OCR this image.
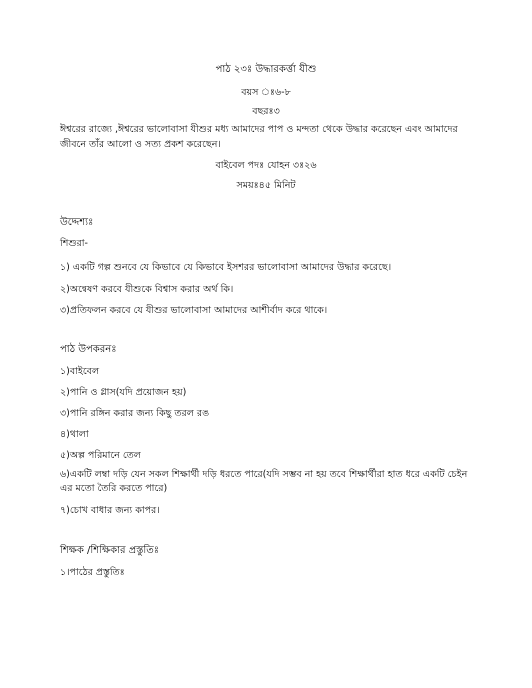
পাঠ ২৩ঃ উদ্ধারকর্ত্তা যীশু

বয়স ঃ৬-৮

বছরঃ৩

ঈশ্বরের রাজ্যে ,ঈশ্বরের ভালোবাসা যীশুর মধ্য আমাদের পাপ ও মন্দতা থেকে উদ্ধার করেছেন এবং আমাদের জীবনে তাঁর আলো ও সত্য প্রকশ করেছেন।

বাইবেল পদঃ যোহন ৩ঃ২৬

সময়ঃ৪৫ মিনিট

উদ্দেশ্যঃ

শিশুরা-

১) একটি গল্প শুনবে যে কিভাবে যে কিভাবে ইসশরর ভালোবাসা আমাদের উদ্ধার করেছে।

২)অন্বেষণ করবে যীশুকে বিশ্বাস করার অর্থ কি।

৩)প্রতিফলন করবে যে যীশুর ভালোবাসা আমাদের আশীর্বাদ করে থাকে।

পাঠ উপকরনঃ

১)বাইবেল

২)পানি ও গ্লাস(যদি প্রয়োজন হয়)

৩)পানি রঙ্গিন করার জন্য কিছু তরল রঙ

৪)থালা

৫)অল্প পরিমানে তেল

৬)একটি লম্বা দড়ি যেন সকল শিক্ষার্থী দড়ি ধরতে পারে(যদি সম্ভব না হয় তবে শিক্ষার্থীরা হাত ধরে একটি চেইন এর মতো তৈরি করতে পারে)

৭)চোখ বাধার জন্য কাপর।

শিক্ষক /শিক্ষিকার প্রস্তুতিঃ

১।পাঠের প্রস্তুতিঃ
